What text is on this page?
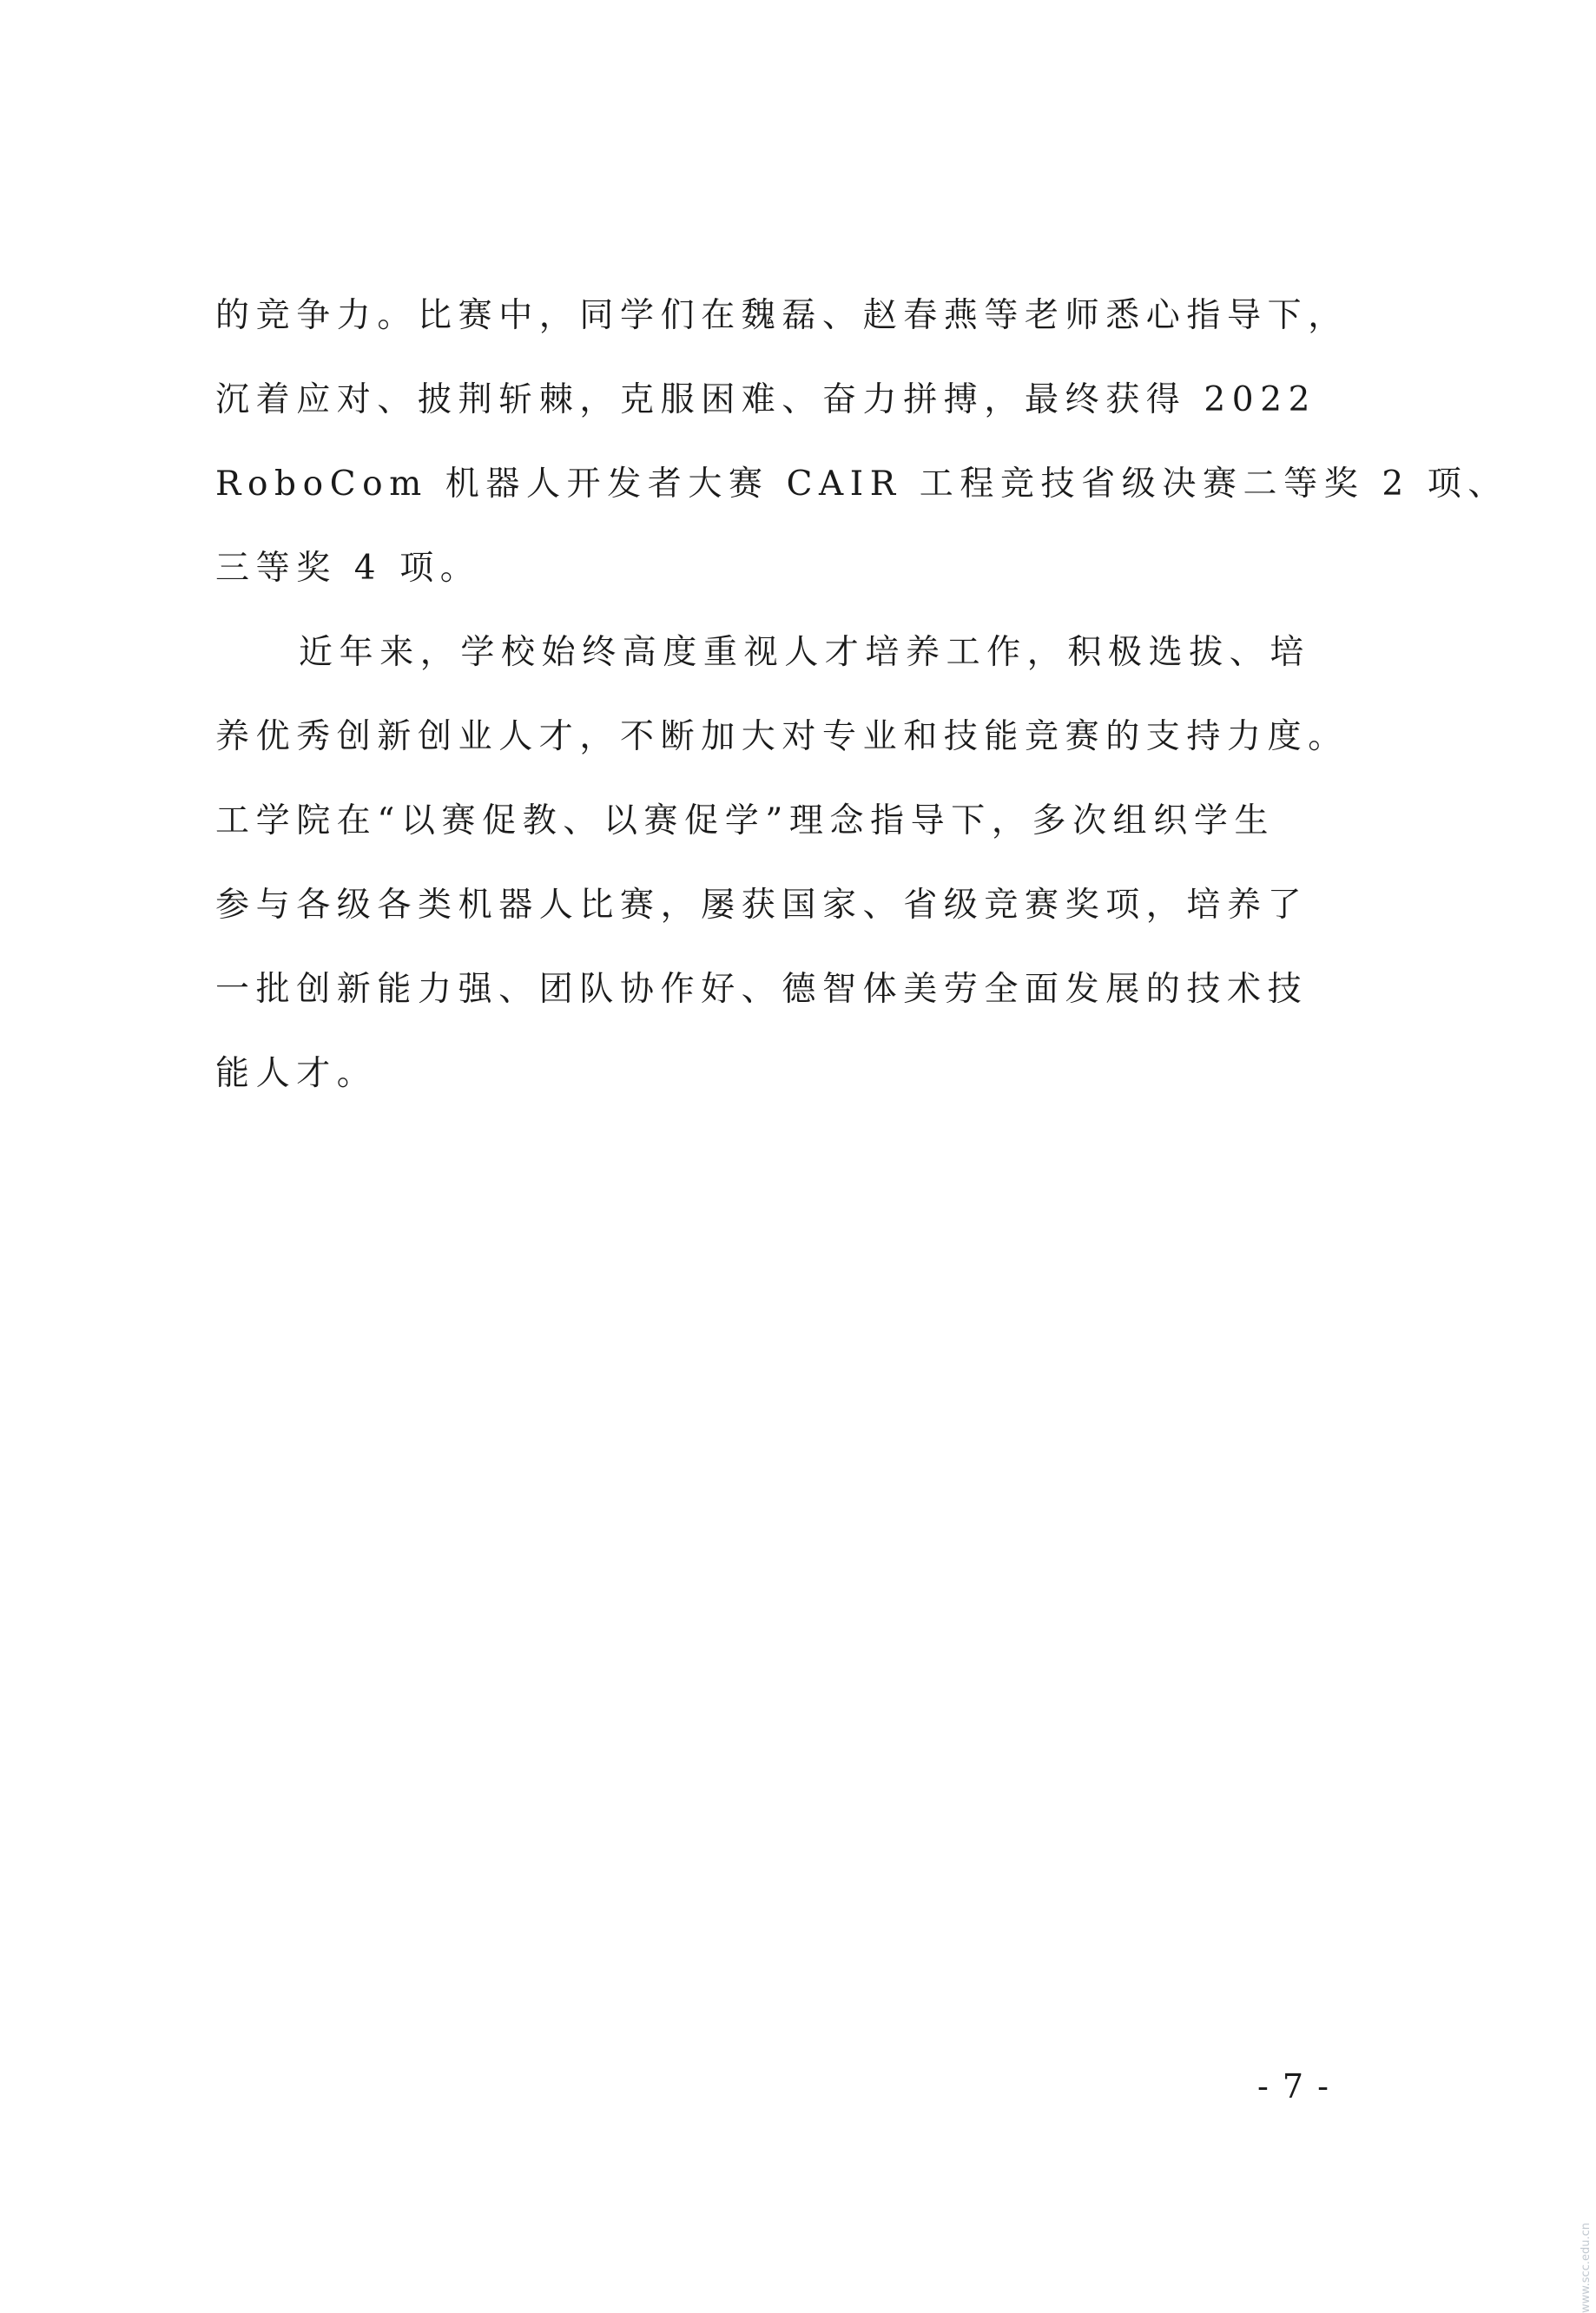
的竞争力。比赛中，同学们在魏磊、赵春燕等老师悉心指导下，
沉着应对、披荆斩棘，克服困难、奋力拼搏，最终获得 2022
RoboCom 机器人开发者大赛 CAIR 工程竞技省级决赛二等奖 2 项、
三等奖 4 项。

近年来，学校始终高度重视人才培养工作，积极选拔、培
养优秀创新创业人才，不断加大对专业和技能竞赛的支持力度。
工学院在“以赛促教、以赛促学”理念指导下，多次组织学生
参与各级各类机器人比赛，屡获国家、省级竞赛奖项，培养了
一批创新能力强、团队协作好、德智体美劳全面发展的技术技
能人才。

- 7 -
www.scc.edu.cn
